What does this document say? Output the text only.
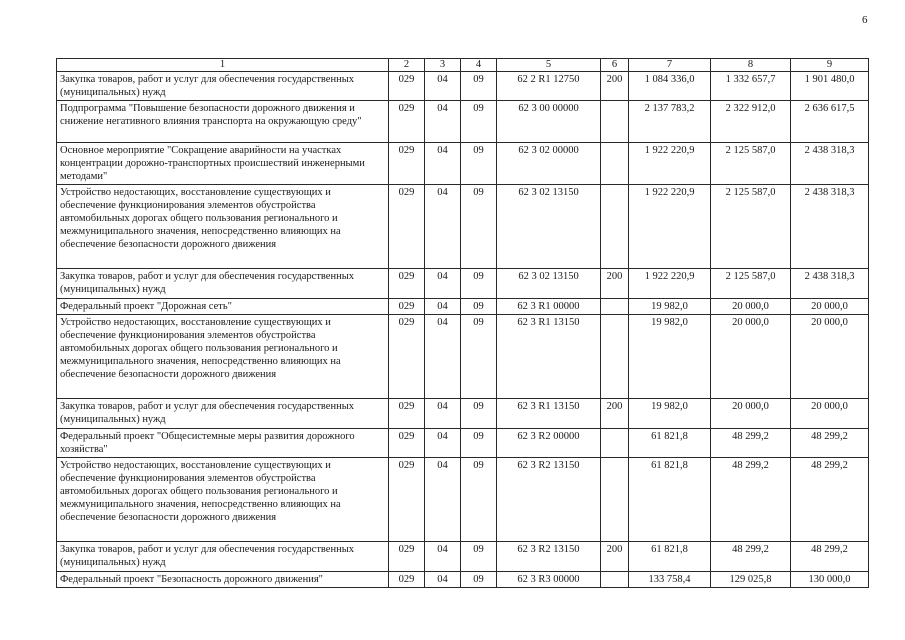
6
1	2	3	4	5	6	7	8	9
Закупка товаров, работ и услуг для обеспечения государственных (муниципальных) нужд	029	04	09	62 2 R1 12750	200	1 084 336,0	1 332 657,7	1 901 480,0
Подпрограмма "Повышение безопасности дорожного движения и снижение негативного влияния транспорта на окружающую среду"	029	04	09	62 3 00 00000		2 137 783,2	2 322 912,0	2 636 617,5
Основное мероприятие "Сокращение аварийности на участках концентрации дорожно-транспортных происшествий инженерными методами"	029	04	09	62 3 02 00000		1 922 220,9	2 125 587,0	2 438 318,3
Устройство недостающих, восстановление существующих и обеспечение функционирования элементов обустройства автомобильных дорогах общего пользования регионального и межмуниципального значения, непосредственно влияющих на обеспечение безопасности дорожного движения	029	04	09	62 3 02 13150		1 922 220,9	2 125 587,0	2 438 318,3
Закупка товаров, работ и услуг для обеспечения государственных (муниципальных) нужд	029	04	09	62 3 02 13150	200	1 922 220,9	2 125 587,0	2 438 318,3
Федеральный проект "Дорожная сеть"	029	04	09	62 3 R1 00000		19 982,0	20 000,0	20 000,0
Устройство недостающих, восстановление существующих и обеспечение функционирования элементов обустройства автомобильных дорогах общего пользования регионального и межмуниципального значения, непосредственно влияющих на обеспечение безопасности дорожного движения	029	04	09	62 3 R1 13150		19 982,0	20 000,0	20 000,0
Закупка товаров, работ и услуг для обеспечения государственных (муниципальных) нужд	029	04	09	62 3 R1 13150	200	19 982,0	20 000,0	20 000,0
Федеральный проект "Общесистемные меры развития дорожного хозяйства"	029	04	09	62 3 R2 00000		61 821,8	48 299,2	48 299,2
Устройство недостающих, восстановление существующих и обеспечение функционирования элементов обустройства автомобильных дорогах общего пользования регионального и межмуниципального значения, непосредственно влияющих на обеспечение безопасности дорожного движения	029	04	09	62 3 R2 13150		61 821,8	48 299,2	48 299,2
Закупка товаров, работ и услуг для обеспечения государственных (муниципальных) нужд	029	04	09	62 3 R2 13150	200	61 821,8	48 299,2	48 299,2
Федеральный проект "Безопасность дорожного движения"	029	04	09	62 3 R3 00000		133 758,4	129 025,8	130 000,0
